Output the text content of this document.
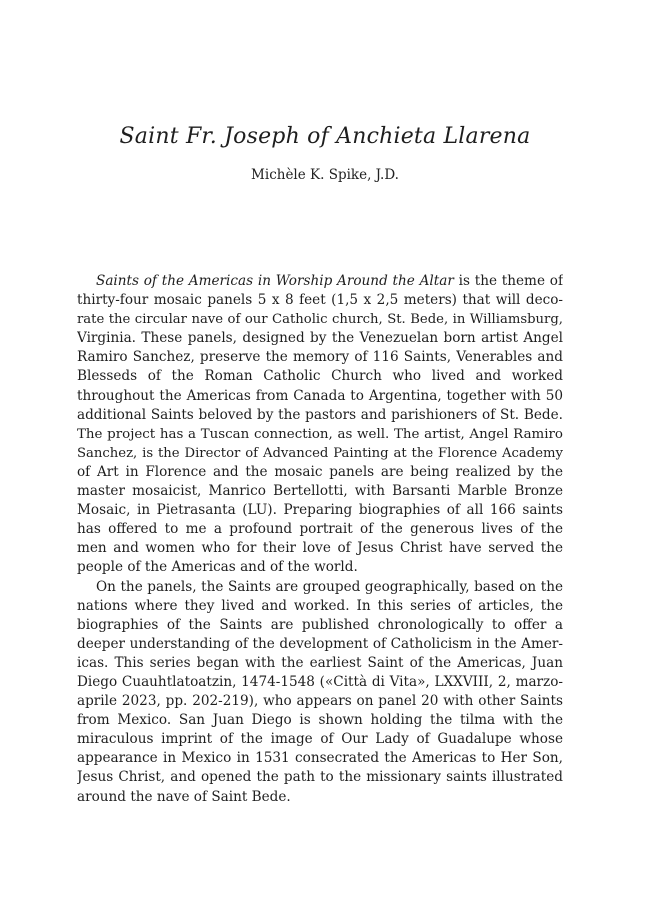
Saint Fr. Joseph of Anchieta Llarena
Michèle K. Spike, J.D.
Saints of the Americas in Worship Around the Altar is the theme of
thirty-four mosaic panels 5 x 8 feet (1,5 x 2,5 meters) that will deco-
rate the circular nave of our Catholic church, St. Bede, in Williamsburg,
Virginia. These panels, designed by the Venezuelan born artist Angel
Ramiro Sanchez, preserve the memory of 116 Saints, Venerables and
Blesseds of the Roman Catholic Church who lived and worked
throughout the Americas from Canada to Argentina, together with 50
additional Saints beloved by the pastors and parishioners of St. Bede.
The project has a Tuscan connection, as well. The artist, Angel Ramiro
Sanchez, is the Director of Advanced Painting at the Florence Academy
of Art in Florence and the mosaic panels are being realized by the
master mosaicist, Manrico Bertellotti, with Barsanti Marble Bronze
Mosaic, in Pietrasanta (LU). Preparing biographies of all 166 saints
has offered to me a profound portrait of the generous lives of the
men and women who for their love of Jesus Christ have served the
people of the Americas and of the world.
On the panels, the Saints are grouped geographically, based on the
nations where they lived and worked. In this series of articles, the
biographies of the Saints are published chronologically to offer a
deeper understanding of the development of Catholicism in the Amer-
icas. This series began with the earliest Saint of the Americas, Juan
Diego Cuauhtlatoatzin, 1474-1548 («Città di Vita», LXXVIII, 2, marzo-
aprile 2023, pp. 202-219), who appears on panel 20 with other Saints
from Mexico. San Juan Diego is shown holding the tilma with the
miraculous imprint of the image of Our Lady of Guadalupe whose
appearance in Mexico in 1531 consecrated the Americas to Her Son,
Jesus Christ, and opened the path to the missionary saints illustrated
around the nave of Saint Bede.
